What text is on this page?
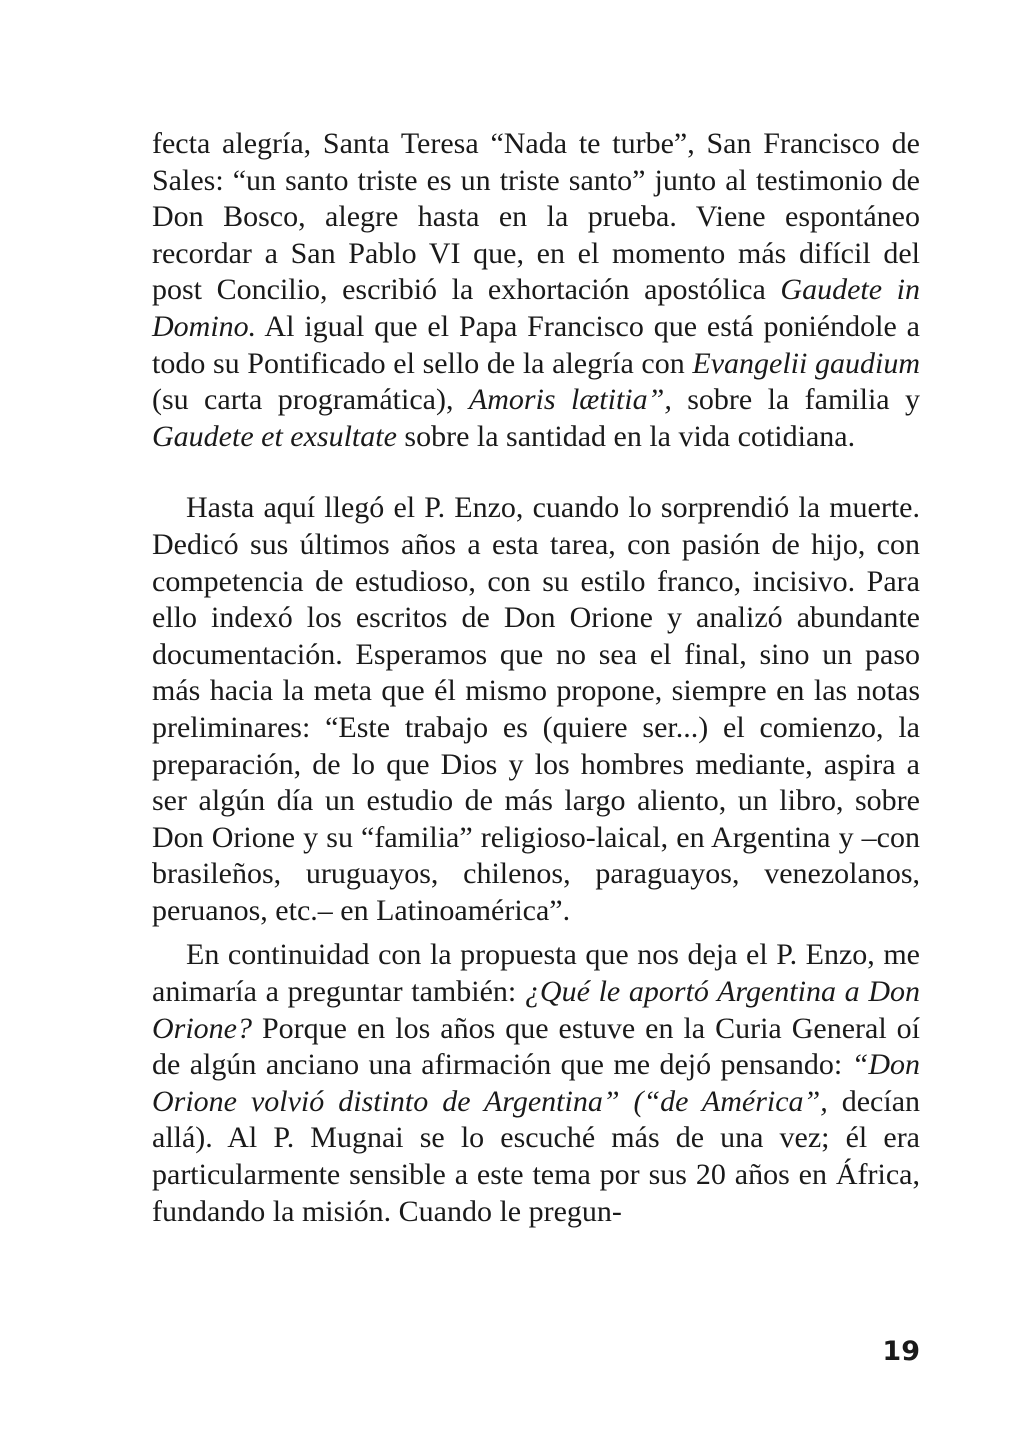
fecta alegría, Santa Teresa “Nada te turbe”, San Francisco de Sales: “un santo triste es un triste santo” junto al testimonio de Don Bosco, alegre hasta en la prueba. Viene espontáneo recordar a San Pablo VI que, en el momento más difícil del post Concilio, escribió la exhortación apostólica Gaudete in Domino. Al igual que el Papa Francisco que está poniéndole a todo su Pontificado el sello de la alegría con Evangelii gaudium (su carta programática), Amoris lætitia”, sobre la familia y Gaudete et exsultate sobre la santidad en la vida cotidiana.

Hasta aquí llegó el P. Enzo, cuando lo sorprendió la muerte. Dedicó sus últimos años a esta tarea, con pasión de hijo, con competencia de estudioso, con su estilo franco, incisivo. Para ello indexó los escritos de Don Orione y analizó abundante documentación. Esperamos que no sea el final, sino un paso más hacia la meta que él mismo propone, siempre en las notas preliminares: “Este trabajo es (quiere ser...) el comienzo, la preparación, de lo que Dios y los hombres mediante, aspira a ser algún día un estudio de más largo aliento, un libro, sobre Don Orione y su “familia” religioso-laical, en Argentina y –con brasileños, uruguayos, chilenos, paraguayos, venezolanos, peruanos, etc.– en Latinoamérica”.

En continuidad con la propuesta que nos deja el P. Enzo, me animaría a preguntar también: ¿Qué le aportó Argentina a Don Orione? Porque en los años que estuve en la Curia General oí de algún anciano una afirmación que me dejó pensando: “Don Orione volvió distinto de Argentina” (“de América”, decían allá). Al P. Mugnai se lo escuché más de una vez; él era particularmente sensible a este tema por sus 20 años en África, fundando la misión. Cuando le pregun-

19
